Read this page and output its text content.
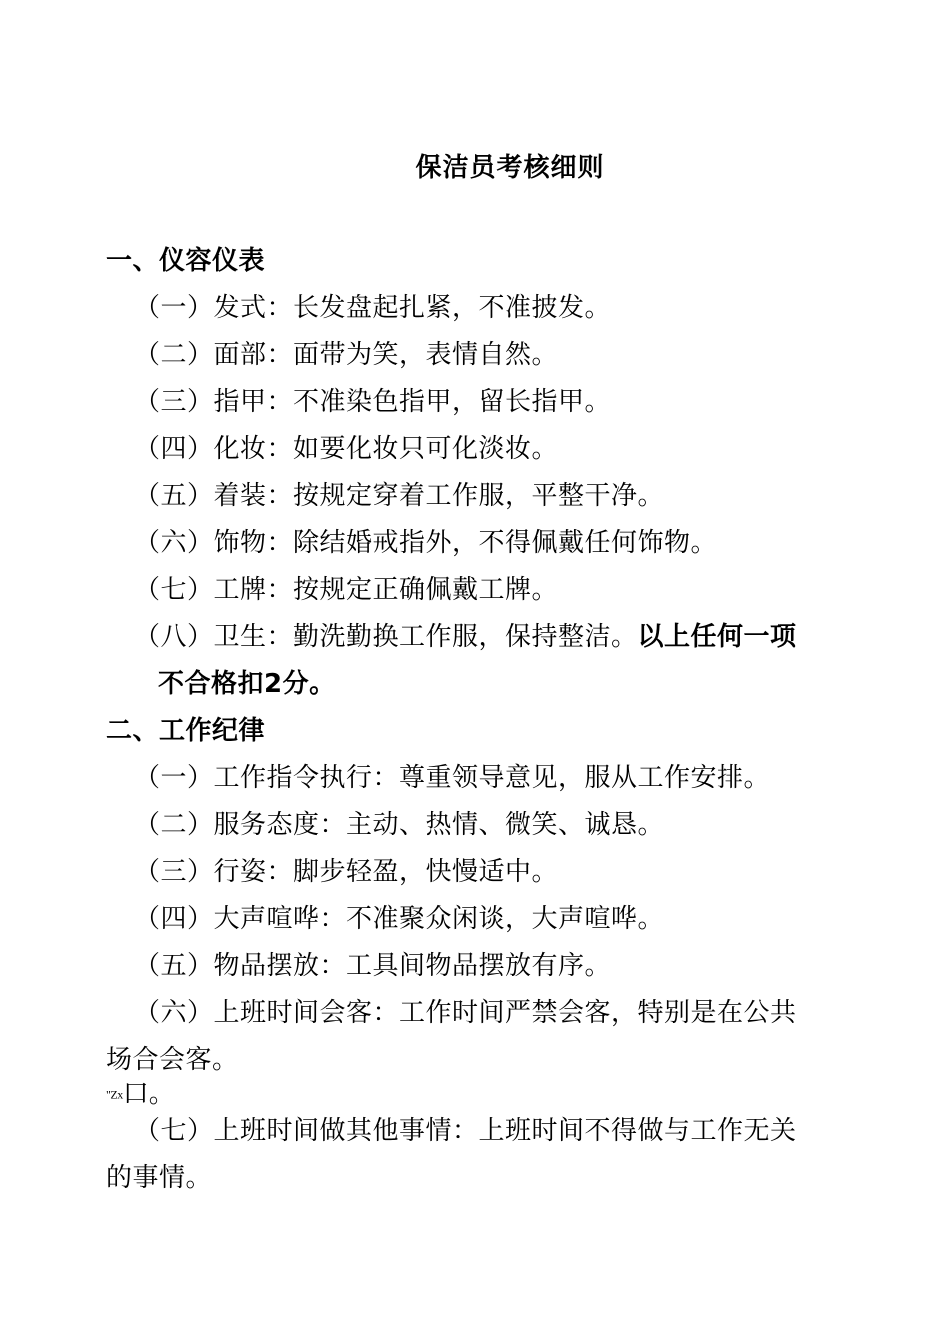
保洁员考核细则
一、仪容仪表
（一）发式：长发盘起扎紧，不准披发。
（二）面部：面带为笑，表情自然。
（三）指甲：不准染色指甲，留长指甲。
（四）化妆：如要化妆只可化淡妆。
（五）着装：按规定穿着工作服，平整干净。
（六）饰物：除结婚戒指外，不得佩戴任何饰物。
（七）工牌：按规定正确佩戴工牌。
（八）卫生：勤洗勤换工作服，保持整洁。以上任何一项
不合格扣2分。
二、工作纪律
（一）工作指令执行：尊重领导意见，服从工作安排。
（二）服务态度：主动、热情、微笑、诚恳。
（三）行姿：脚步轻盈，快慢适中。
（四）大声喧哗：不准聚众闲谈，大声喧哗。
（五）物品摆放：工具间物品摆放有序。
（六）上班时间会客：工作时间严禁会客，特别是在公共
场合会客。
"Zx口。
（七）上班时间做其他事情：上班时间不得做与工作无关
的事情。
